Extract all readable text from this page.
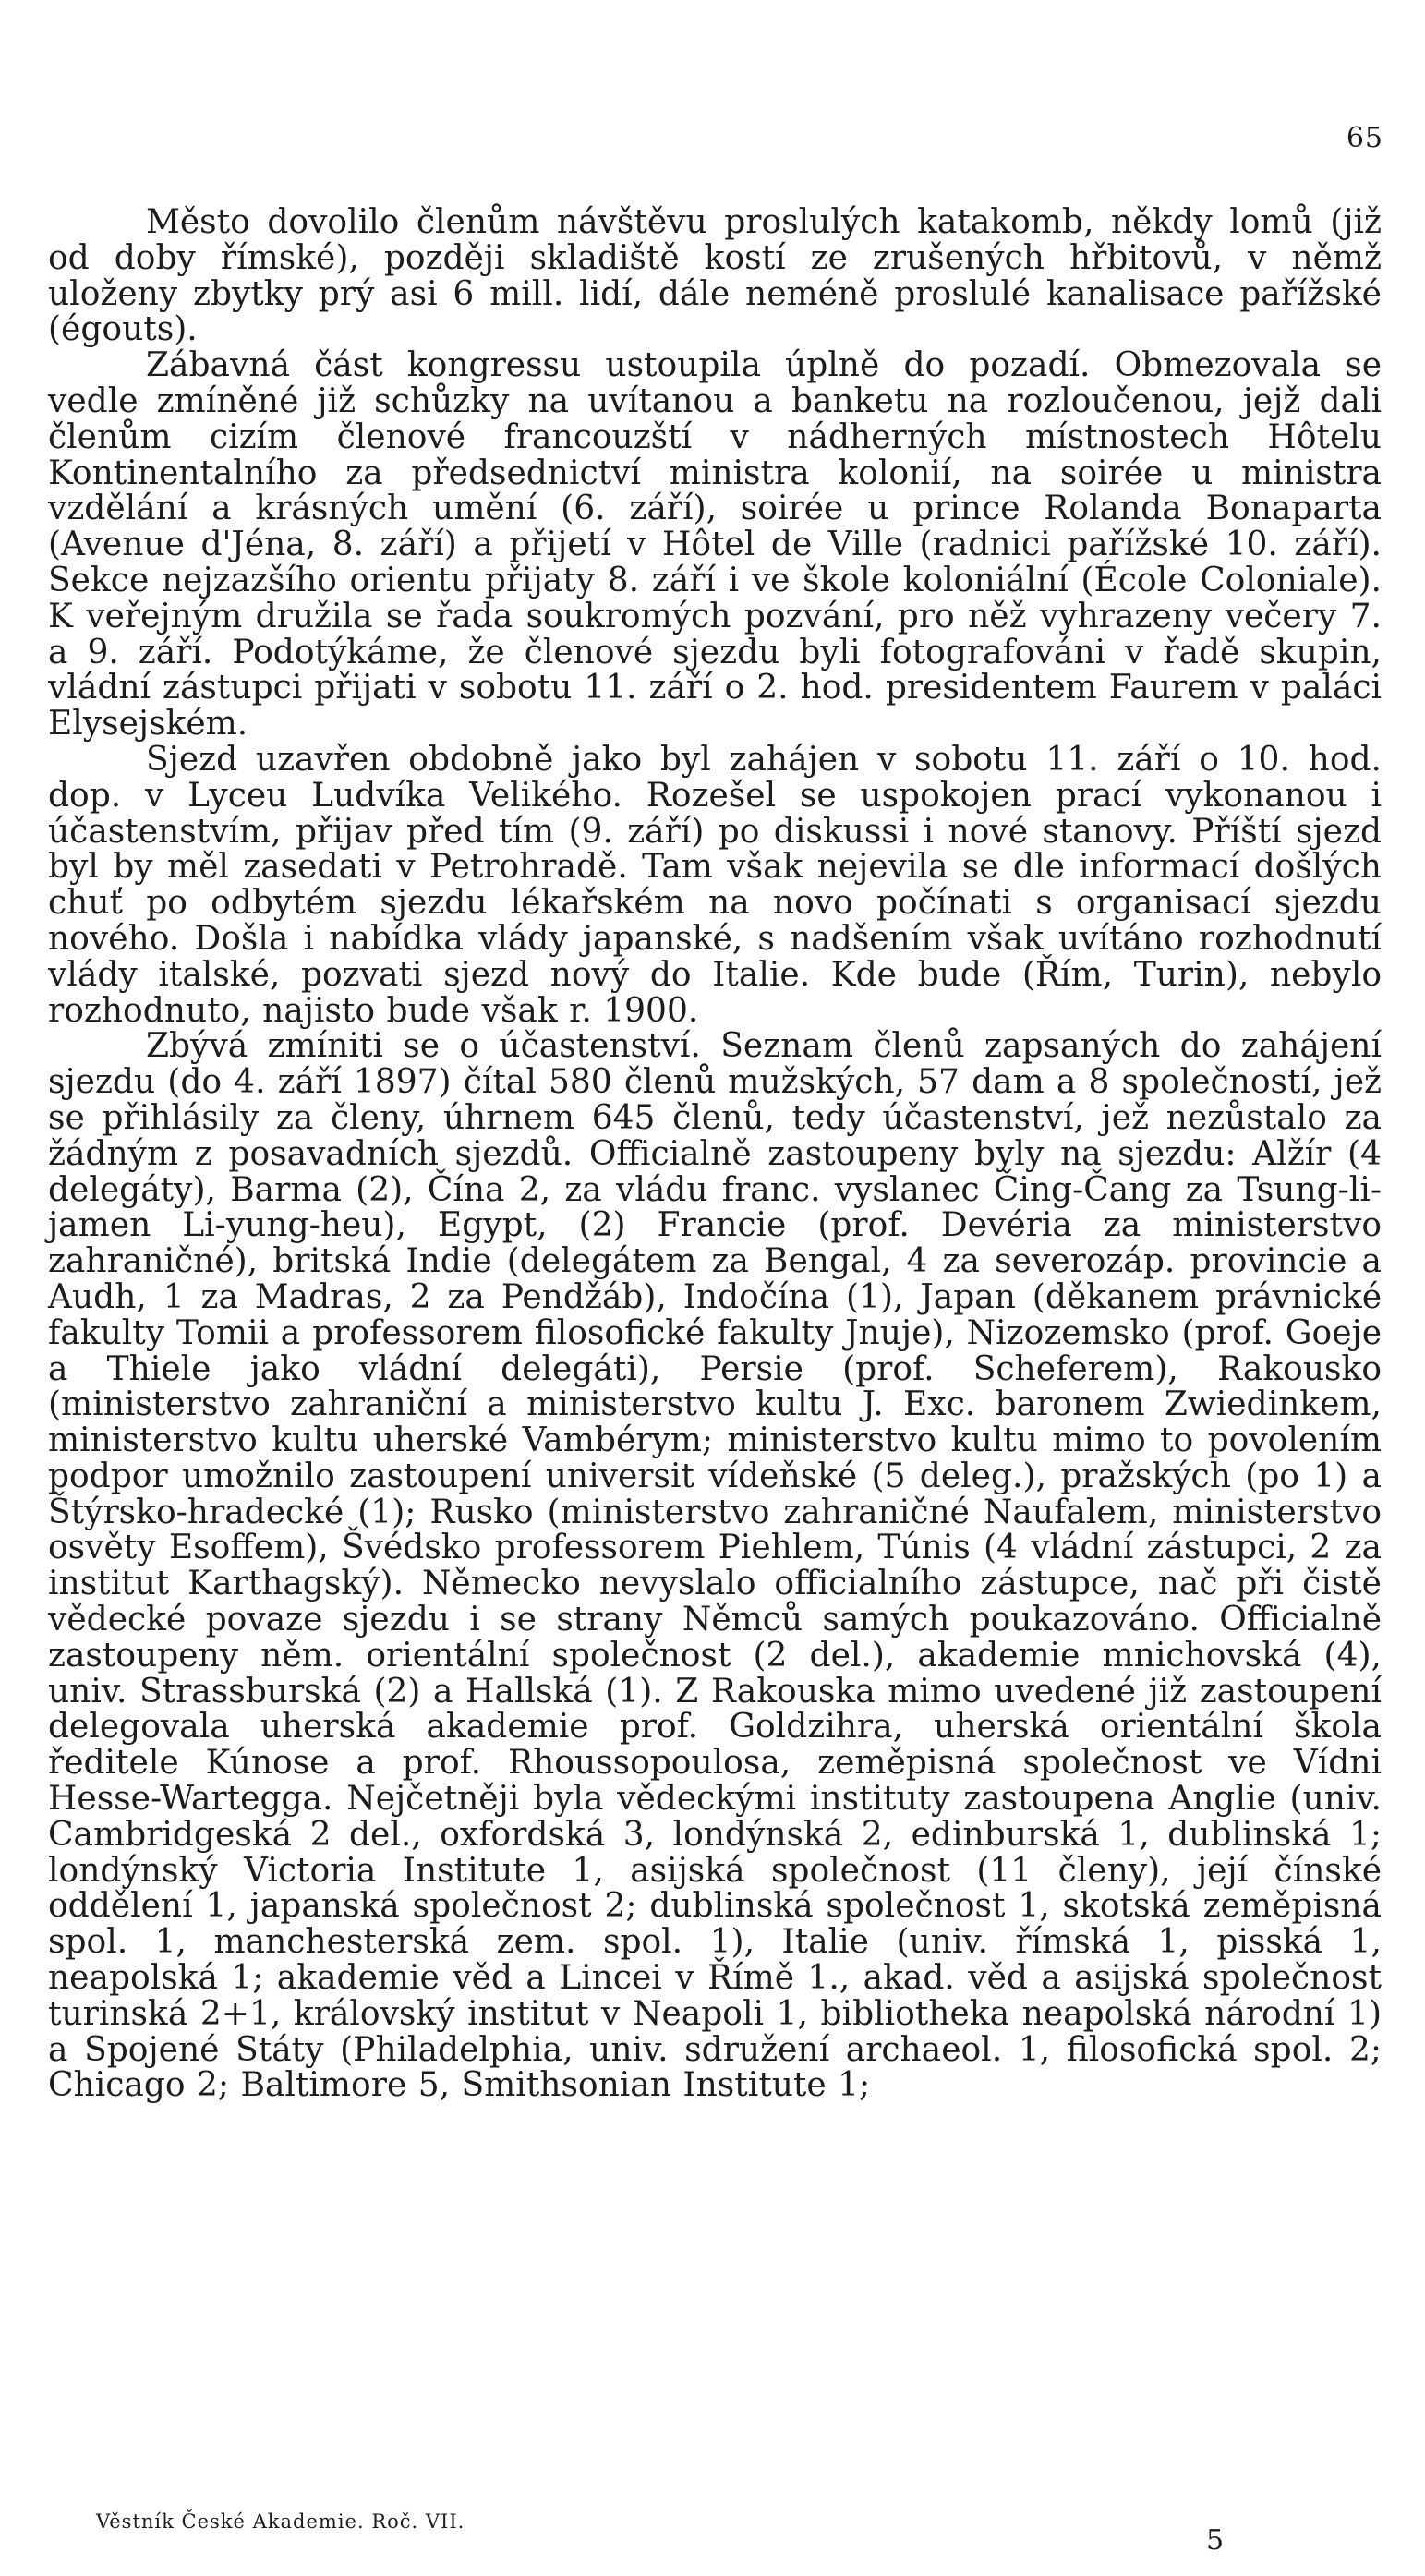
65

Město dovolilo členům návštěvu proslulých katakomb, někdy lomů (již od doby římské), později skladiště kostí ze zrušených hřbitovů, v němž uloženy zbytky prý asi 6 mill. lidí, dále neméně proslulé kanalisace pařížské (égouts).

Zábavná část kongressu ustoupila úplně do pozadí. Obmezovala se vedle zmíněné již schůzky na uvítanou a banketu na rozloučenou, jejž dali členům cizím členové francouzští v nádherných místnostech Hôtelu Kontinentalního za předsednictví ministra kolonií, na soirée u ministra vzdělání a krásných umění (6. září), soirée u prince Rolanda Bonaparta (Avenue d'Jéna, 8. září) a přijetí v Hôtel de Ville (radnici pařížské 10. září). Sekce nejzazšího orientu přijaty 8. září i ve škole koloniální (École Coloniale). K veřejným družila se řada soukromých pozvání, pro něž vyhrazeny večery 7. a 9. září. Podotýkáme, že členové sjezdu byli fotografováni v řadě skupin, vládní zástupci přijati v sobotu 11. září o 2. hod. presidentem Faurem v paláci Elysejském.

Sjezd uzavřen obdobně jako byl zahájen v sobotu 11. září o 10. hod. dop. v Lyceu Ludvíka Velikého. Rozešel se uspokojen prací vykonanou i účastenstvím, přijav před tím (9. září) po diskussi i nové stanovy. Příští sjezd byl by měl zasedati v Petrohradě. Tam však nejevila se dle informací došlých chuť po odbytém sjezdu lékařském na novo počínati s organisací sjezdu nového. Došla i nabídka vlády japanské, s nadšením však uvítáno rozhodnutí vlády italské, pozvati sjezd nový do Italie. Kde bude (Řím, Turin), nebylo rozhodnuto, najisto bude však r. 1900.

Zbývá zmíniti se o účastenství. Seznam členů zapsaných do zahájení sjezdu (do 4. září 1897) čítal 580 členů mužských, 57 dam a 8 společností, jež se přihlásily za členy, úhrnem 645 členů, tedy účastenství, jež nezůstalo za žádným z posavadních sjezdů. Officialně zastoupeny byly na sjezdu: Alžír (4 delegáty), Barma (2), Čína 2, za vládu franc. vyslanec Čing-Čang za Tsung-li-jamen Li-yung-heu), Egypt, (2) Francie (prof. Devéria za ministerstvo zahraničné), britská Indie (delegátem za Bengal, 4 za severozáp. provincie a Audh, 1 za Madras, 2 za Pendžáb), Indočína (1), Japan (děkanem právnické fakulty Tomii a professorem filosofické fakulty Jnuje), Nizozemsko (prof. Goeje a Thiele jako vládní delegáti), Persie (prof. Scheferem), Rakousko (ministerstvo zahraniční a ministerstvo kultu J. Exc. baronem Zwiedinkem, ministerstvo kultu uherské Vambérym; ministerstvo kultu mimo to povolením podpor umožnilo zastoupení universit vídeňské (5 deleg.), pražských (po 1) a Štýrsko-hradecké (1); Rusko (ministerstvo zahraničné Naufalem, ministerstvo osvěty Esoffem), Švédsko professorem Piehlem, Túnis (4 vládní zástupci, 2 za institut Karthagský). Německo nevyslalo officialního zástupce, nač při čistě vědecké povaze sjezdu i se strany Němců samých poukazováno. Officialně zastoupeny něm. orientální společnost (2 del.), akademie mnichovská (4), univ. Strassburská (2) a Hallská (1). Z Rakouska mimo uvedené již zastoupení delegovala uherská akademie prof. Goldzihra, uherská orientální škola ředitele Kúnose a prof. Rhoussopoulosa, zeměpisná společnost ve Vídni Hesse-Wartegga. Nejčetněji byla vědeckými instituty zastoupena Anglie (univ. Cambridgeská 2 del., oxfordská 3, londýnská 2, edinburská 1, dublinská 1; londýnský Victoria Institute 1, asijská společnost (11 členy), její čínské oddělení 1, japanská společnost 2; dublinská společnost 1, skotská zeměpisná spol. 1, manchesterská zem. spol. 1), Italie (univ. římská 1, pisská 1, neapolská 1; akademie věd a Lincei v Římě 1., akad. věd a asijská společnost turinská 2+1, královský institut v Neapoli 1, bibliotheka neapolská národní 1) a Spojené Státy (Philadelphia, univ. sdružení archaeol. 1, filosofická spol. 2; Chicago 2; Baltimore 5, Smithsonian Institute 1;

Věstník České Akademie. Roč. VII.
5
